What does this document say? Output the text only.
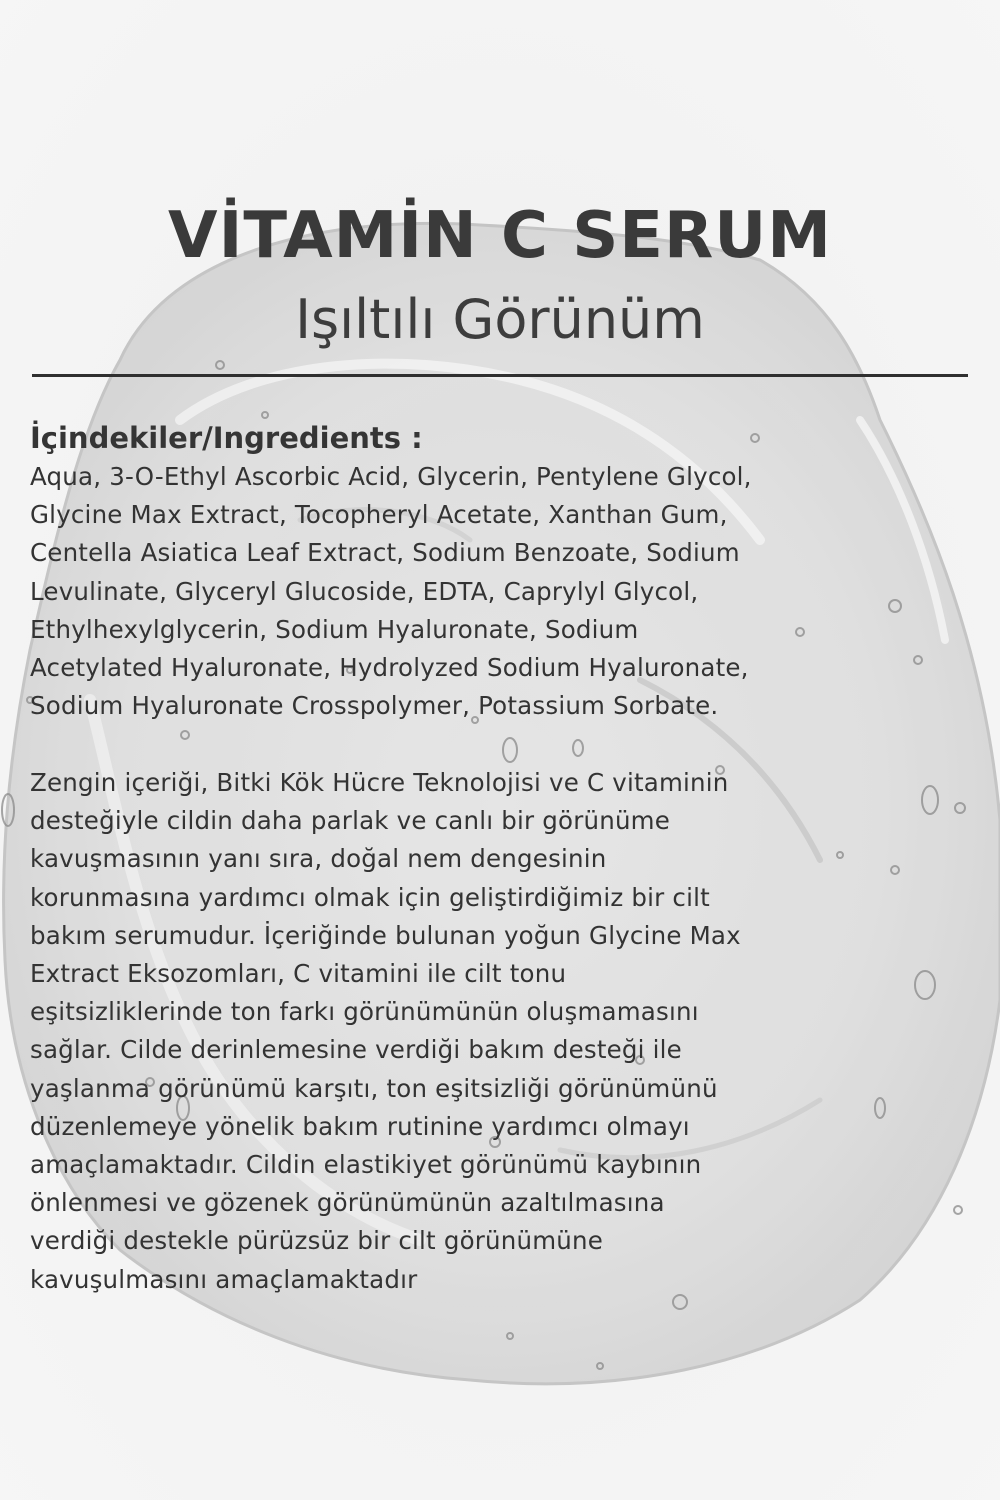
VİTAMİN C SERUM
Işıltılı Görünüm
İçindekiler/Ingredients :
Aqua, 3-O-Ethyl Ascorbic Acid, Glycerin, Pentylene Glycol,
Glycine Max Extract, Tocopheryl Acetate, Xanthan Gum,
Centella Asiatica Leaf Extract, Sodium Benzoate, Sodium
Levulinate, Glyceryl Glucoside, EDTA, Caprylyl Glycol,
Ethylhexylglycerin, Sodium Hyaluronate, Sodium
Acetylated Hyaluronate, Hydrolyzed Sodium Hyaluronate,
Sodium Hyaluronate Crosspolymer, Potassium Sorbate.
Zengin içeriği, Bitki Kök Hücre Teknolojisi ve C vitaminin
desteğiyle cildin daha parlak ve canlı bir görünüme
kavuşmasının yanı sıra, doğal nem dengesinin
korunmasına yardımcı olmak için geliştirdiğimiz bir cilt
bakım serumudur. İçeriğinde bulunan yoğun Glycine Max
Extract Eksozomları, C vitamini ile cilt tonu
eşitsizliklerinde ton farkı görünümünün oluşmamasını
sağlar. Cilde derinlemesine verdiği bakım desteği ile
yaşlanma görünümü karşıtı, ton eşitsizliği görünümünü
düzenlemeye yönelik bakım rutinine yardımcı olmayı
amaçlamaktadır. Cildin elastikiyet görünümü kaybının
önlenmesi ve gözenek görünümünün azaltılmasına
verdiği destekle pürüzsüz bir cilt görünümüne
kavuşulmasını amaçlamaktadır
